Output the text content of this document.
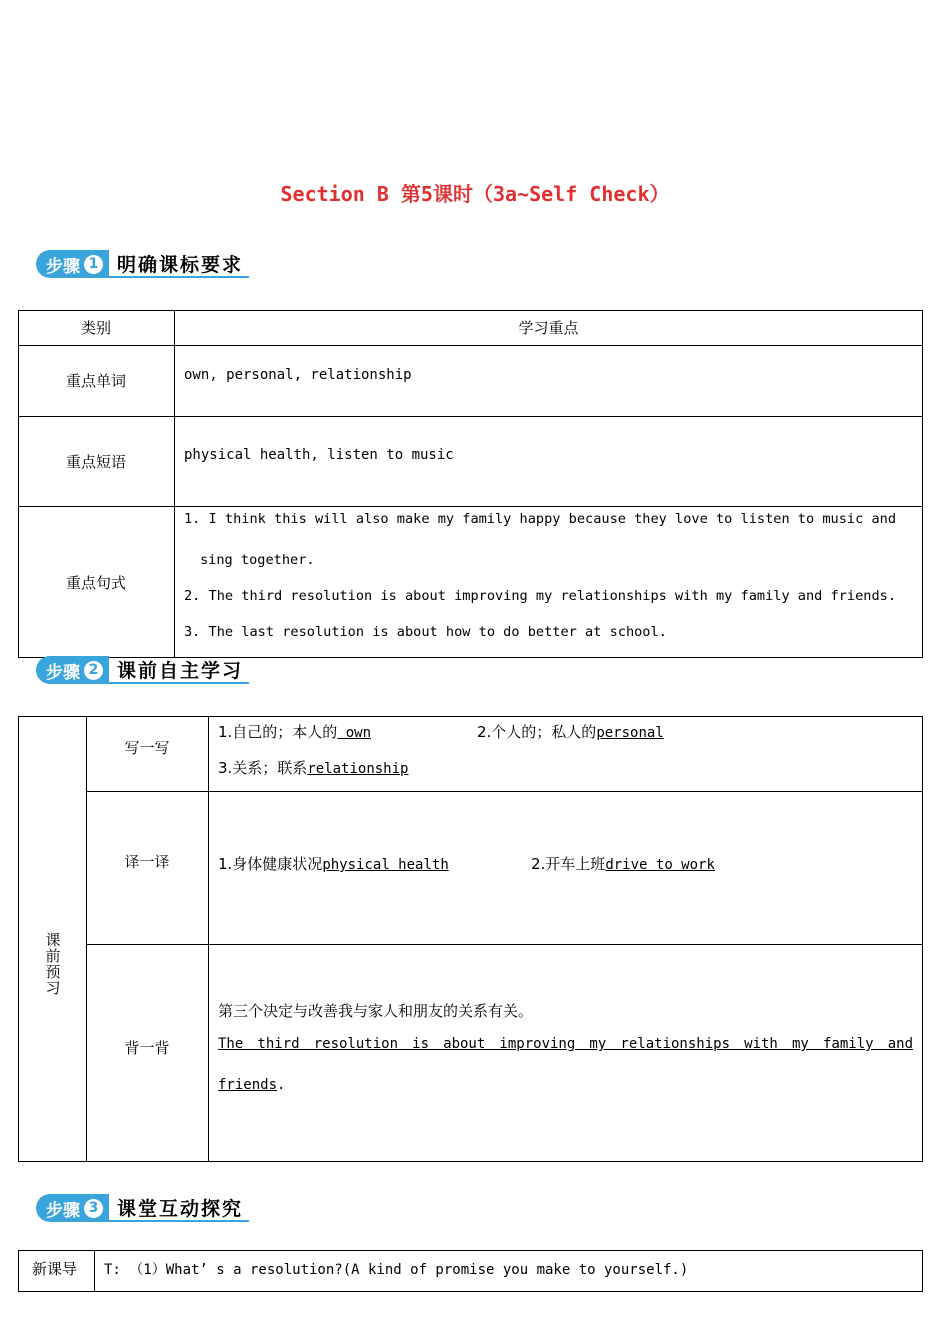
Section B 第5课时（3a~Self Check）
步骤 1 明确课标要求
类别	学习重点
重点单词	own, personal, relationship
重点短语	physical health, listen to music
重点句式
1. I think this will also make my family happy because they love to listen to music and
sing together.
2. The third resolution is about improving my relationships with my family and friends.
3. The last resolution is about how to do better at school.
步骤 2 课前自主学习
课前预习
写一写
1.自己的；本人的 own	2.个人的；私人的personal
3.关系；联系relationship
译一译	1.身体健康状况physical health	2.开车上班drive to work
背一背
第三个决定与改善我与家人和朋友的关系有关。
The third resolution is about improving my relationships with my family and
friends.
步骤 3 课堂互动探究
新课导 T: （1）What’ s a resolution?(A kind of promise you make to yourself.)
